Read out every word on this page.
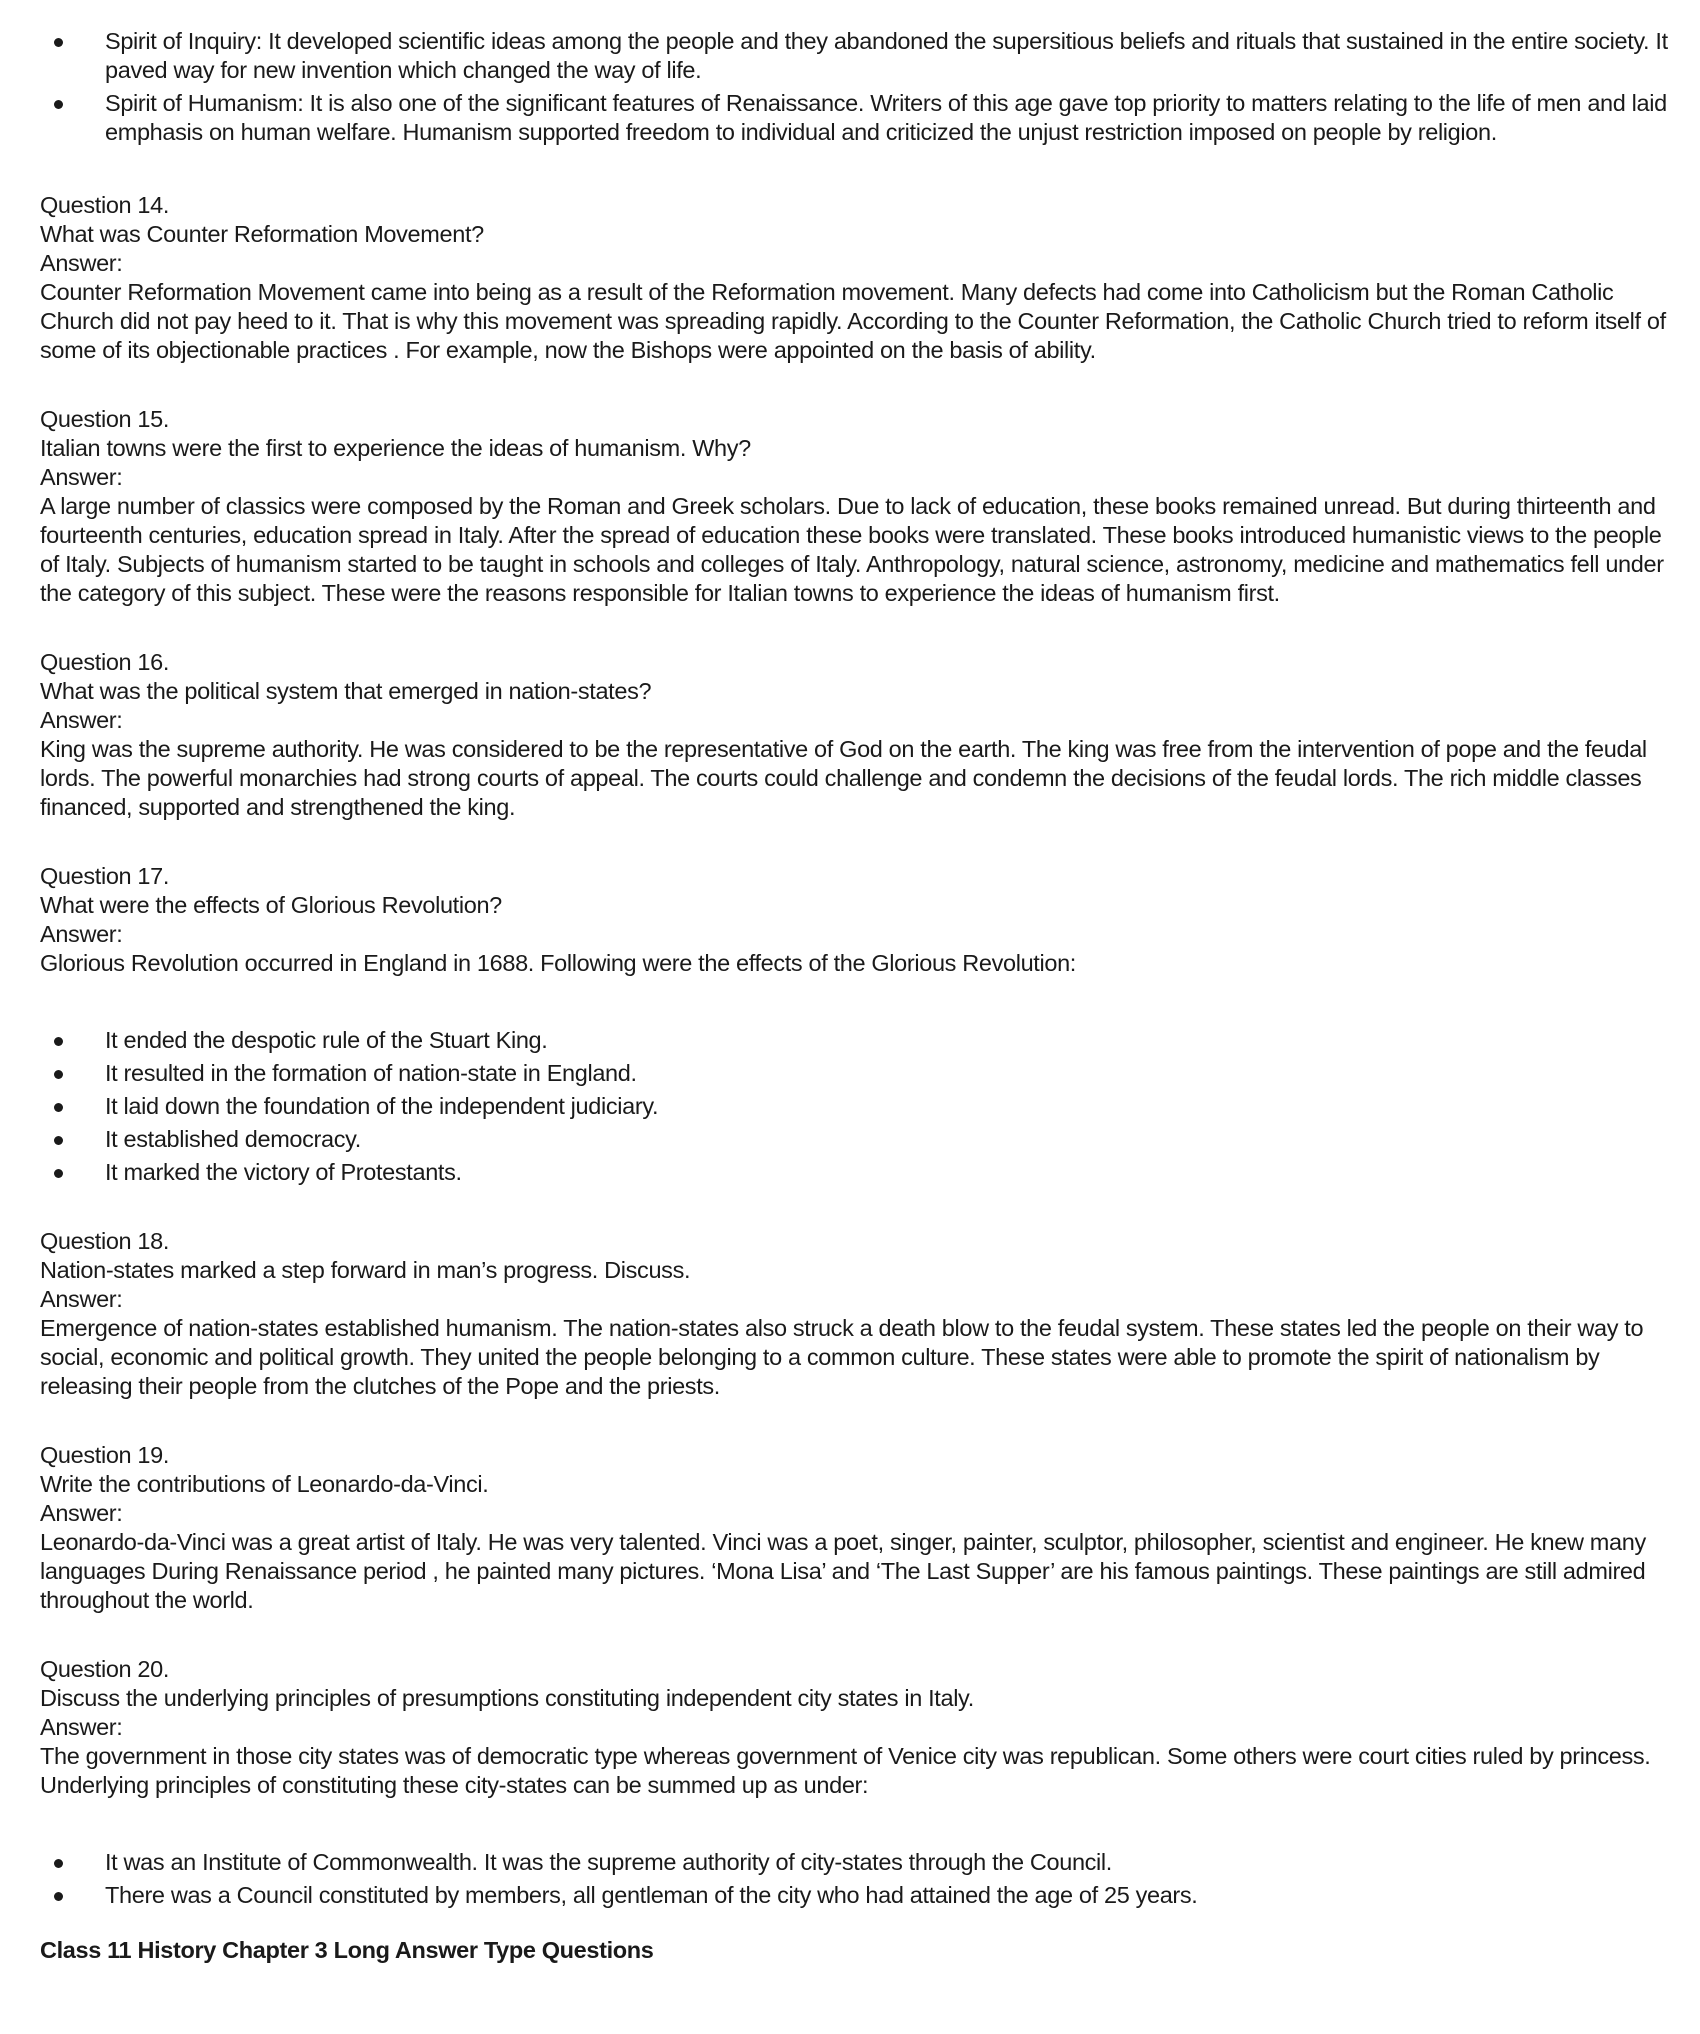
Spirit of Inquiry: It developed scientific ideas among the people and they abandoned the supersitious beliefs and rituals that sustained in the entire society. It paved way for new invention which changed the way of life.
Spirit of Humanism: It is also one of the significant features of Renaissance. Writers of this age gave top priority to matters relating to the life of men and laid emphasis on human welfare. Humanism supported freedom to individual and criticized the unjust restriction imposed on people by religion.

Question 14.

What was Counter Reformation Movement?

Answer:

Counter Reformation Movement came into being as a result of the Reformation movement. Many defects had come into Catholicism but the Roman Catholic Church did not pay heed to it. That is why this movement was spreading rapidly. According to the Counter Reformation, the Catholic Church tried to reform itself of some of its objectionable practices . For example, now the Bishops were appointed on the basis of ability.

Question 15.

Italian towns were the first to experience the ideas of humanism. Why?

Answer:

A large number of classics were composed by the Roman and Greek scholars. Due to lack of education, these books remained unread. But during thirteenth and fourteenth centuries, education spread in Italy. After the spread of education these books were translated. These books introduced humanistic views to the people of Italy. Subjects of humanism started to be taught in schools and colleges of Italy. Anthropology, natural science, astronomy, medicine and mathematics fell under the category of this subject. These were the reasons responsible for Italian towns to experience the ideas of humanism first.

Question 16.

What was the political system that emerged in nation-states?

Answer:

King was the supreme authority. He was considered to be the representative of God on the earth. The king was free from the intervention of pope and the feudal lords. The powerful monarchies had strong courts of appeal. The courts could challenge and condemn the decisions of the feudal lords. The rich middle classes financed, supported and strengthened the king.

Question 17.

What were the effects of Glorious Revolution?

Answer:

Glorious Revolution occurred in England in 1688. Following were the effects of the Glorious Revolution:

It ended the despotic rule of the Stuart King.
It resulted in the formation of nation-state in England.
It laid down the foundation of the independent judiciary.
It established democracy.
It marked the victory of Protestants.

Question 18.

Nation-states marked a step forward in man’s progress. Discuss.

Answer:

Emergence of nation-states established humanism. The nation-states also struck a death blow to the feudal system. These states led the people on their way to social, economic and political growth. They united the people belonging to a common culture. These states were able to promote the spirit of nationalism by releasing their people from the clutches of the Pope and the priests.

Question 19.

Write the contributions of Leonardo-da-Vinci.

Answer:

Leonardo-da-Vinci was a great artist of Italy. He was very talented. Vinci was a poet, singer, painter, sculptor, philosopher, scientist and engineer. He knew many languages During Renaissance period , he painted many pictures. ‘Mona Lisa’ and ‘The Last Supper’ are his famous paintings. These paintings are still admired throughout the world.

Question 20.

Discuss the underlying principles of presumptions constituting independent city states in Italy.

Answer:

The government in those city states was of democratic type whereas government of Venice city was republican. Some others were court cities ruled by princess. Underlying principles of constituting these city-states can be summed up as under:

It was an Institute of Commonwealth. It was the supreme authority of city-states through the Council.
There was a Council constituted by members, all gentleman of the city who had attained the age of 25 years.

Class 11 History Chapter 3 Long Answer Type Questions
